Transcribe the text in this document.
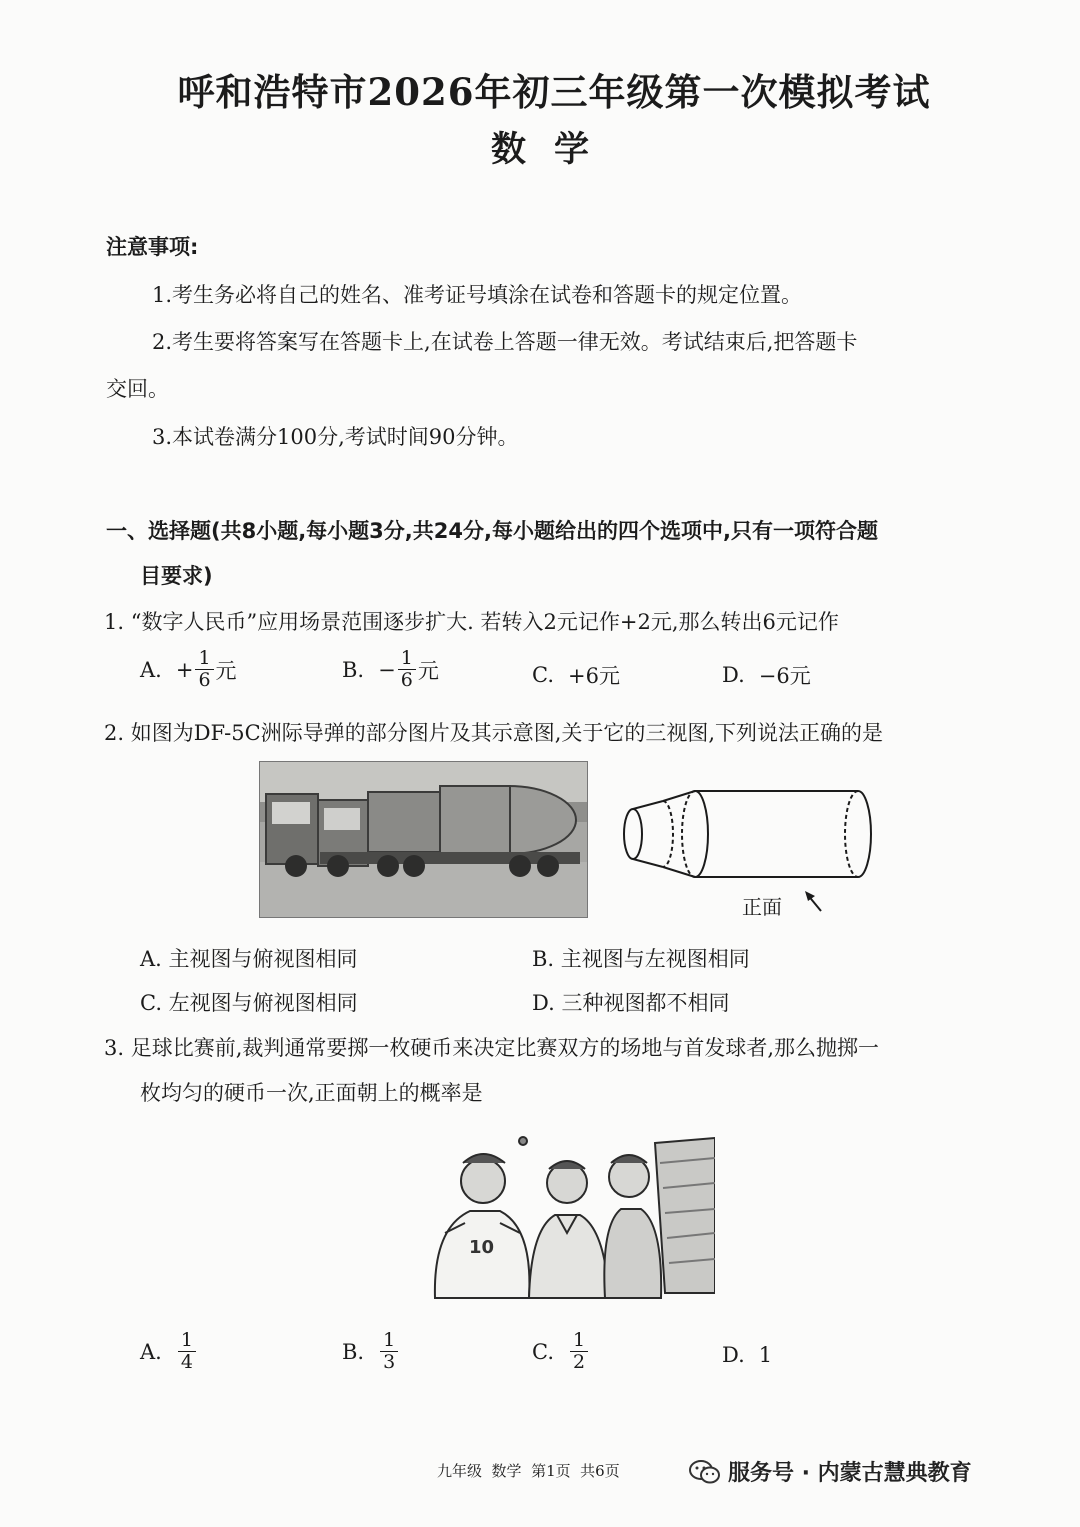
呼和浩特市2026年初三年级第一次模拟考试
数学
注意事项:
1.考生务必将自己的姓名、准考证号填涂在试卷和答题卡的规定位置。
2.考生要将答案写在答题卡上,在试卷上答题一律无效。考试结束后,把答题卡
交回。
3.本试卷满分100分,考试时间90分钟。
一、选择题(共8小题,每小题3分,共24分,每小题给出的四个选项中,只有一项符合题
目要求)
1. “数字人民币”应用场景范围逐步扩大. 若转入2元记作+2元,那么转出6元记作
A. + $\frac{1}{6}$ 元	B. − $\frac{1}{6}$ 元	C. +6元	D. −6元
2. 如图为DF-5C洲际导弹的部分图片及其示意图,关于它的三视图,下列说法正确的是
正面
A. 主视图与俯视图相同	B. 主视图与左视图相同
C. 左视图与俯视图相同	D. 三种视图都不相同
3. 足球比赛前,裁判通常要掷一枚硬币来决定比赛双方的场地与首发球者,那么抛掷一
枚均匀的硬币一次,正面朝上的概率是
10
A. $\frac{1}{4}$	B. $\frac{1}{3}$	C. $\frac{1}{2}$	D. 1
九年级  数学  第1页  共6页	服务号 · 内蒙古慧典教育
